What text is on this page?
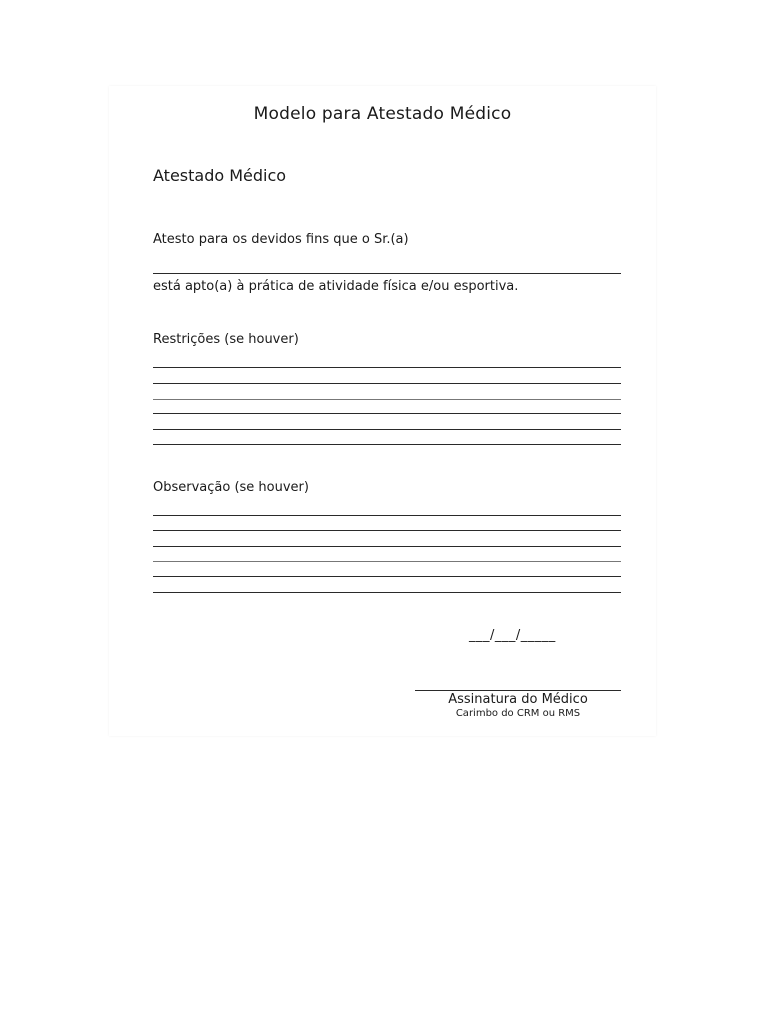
Modelo para Atestado Médico
Atestado Médico
Atesto para os devidos fins que o Sr.(a)
está apto(a) à prática de atividade física e/ou esportiva.
Restrições (se houver)
Observação (se houver)
___/___/_____
Assinatura do Médico
Carimbo do CRM ou RMS
